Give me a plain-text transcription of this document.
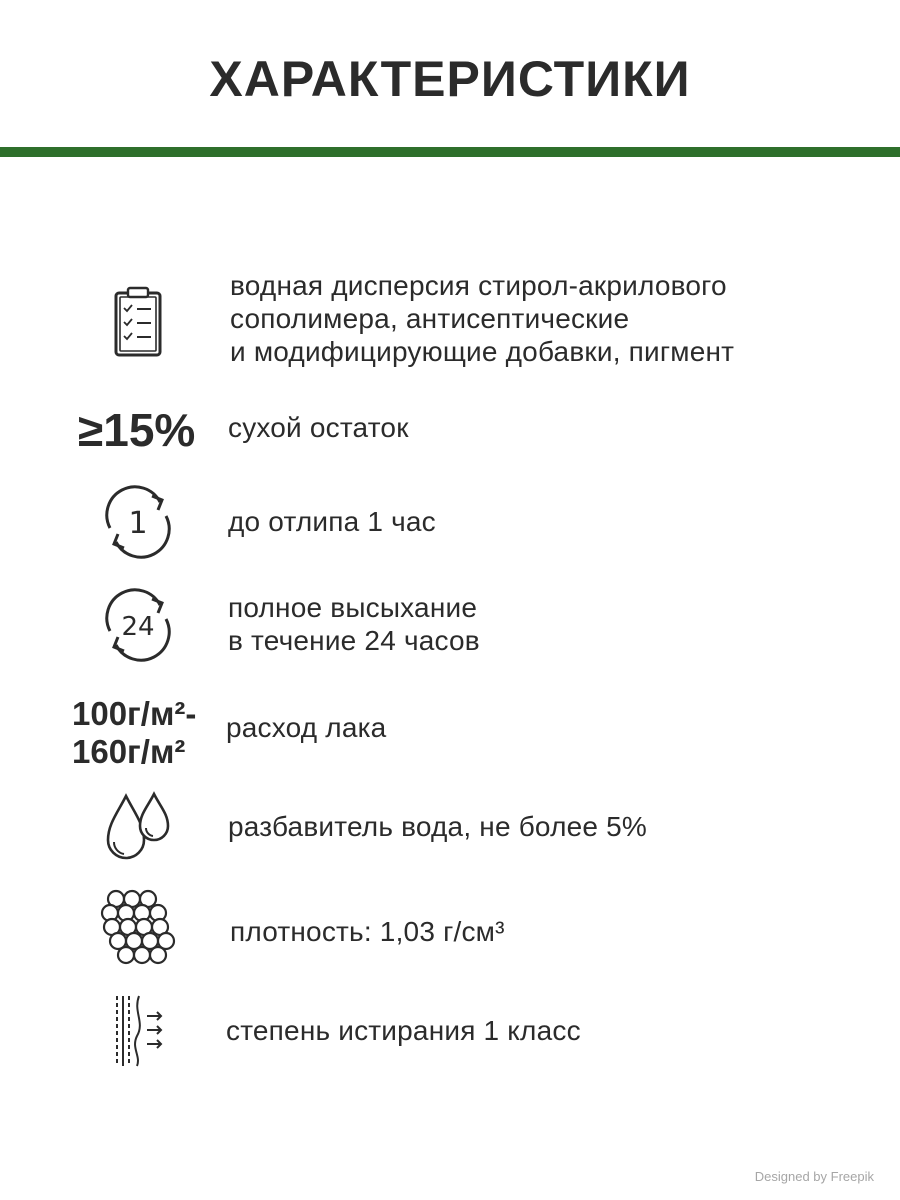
ХАРАКТЕРИСТИКИ
водная дисперсия стирол-акрилового
сополимера, антисептические
и модифицирующие добавки, пигмент
≥15% сухой остаток
1	до отлипа 1 час
24
полное высыхание
в течение 24 часов
100г/м²-
160г/м²
расход лака
разбавитель вода, не более 5%
плотность: 1,03 г/см³
степень истирания 1 класс
Designed by Freepik
